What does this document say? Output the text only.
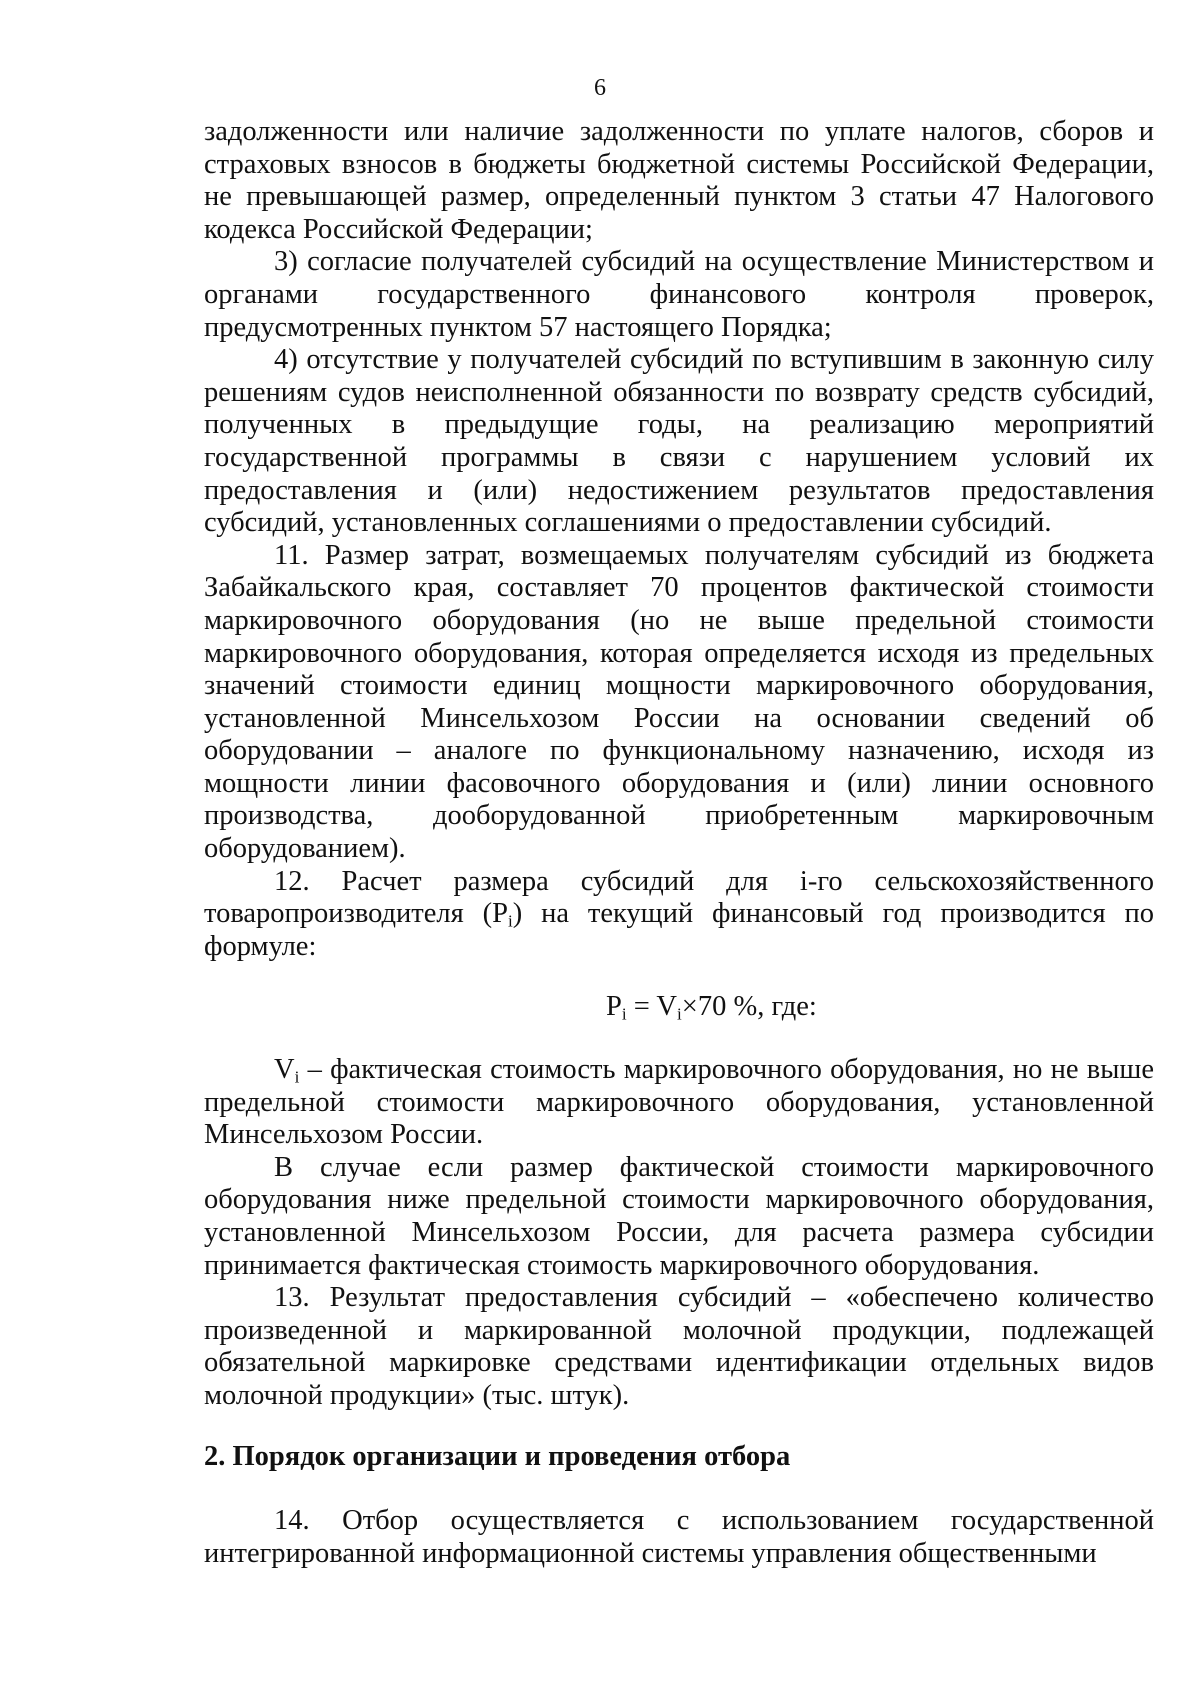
6

задолженности или наличие задолженности по уплате налогов, сборов и страховых взносов в бюджеты бюджетной системы Российской Федерации, не превышающей размер, определенный пунктом 3 статьи 47 Налогового кодекса Российской Федерации;

3) согласие получателей субсидий на осуществление Министерством и органами государственного финансового контроля проверок, предусмотренных пунктом 57 настоящего Порядка;

4) отсутствие у получателей субсидий по вступившим в законную силу решениям судов неисполненной обязанности по возврату средств субсидий, полученных в предыдущие годы, на реализацию мероприятий государственной программы в связи с нарушением условий их предоставления и (или) недостижением результатов предоставления субсидий, установленных соглашениями о предоставлении субсидий.

11. Размер затрат, возмещаемых получателям субсидий из бюджета Забайкальского края, составляет 70 процентов фактической стоимости маркировочного оборудования (но не выше предельной стоимости маркировочного оборудования, которая определяется исходя из предельных значений стоимости единиц мощности маркировочного оборудования, установленной Минсельхозом России на основании сведений об оборудовании – аналоге по функциональному назначению, исходя из мощности линии фасовочного оборудования и (или) линии основного производства, дооборудованной приобретенным маркировочным оборудованием).

12. Расчет размера субсидий для i-го сельскохозяйственного товаропроизводителя $(P_i)$ на текущий финансовый год производится по формуле:

$P_i = V_i\times 70$ %, где:

$V_i$ – фактическая стоимость маркировочного оборудования, но не выше предельной стоимости маркировочного оборудования, установленной Минсельхозом России.

В случае если размер фактической стоимости маркировочного оборудования ниже предельной стоимости маркировочного оборудования, установленной Минсельхозом России, для расчета размера субсидии принимается фактическая стоимость маркировочного оборудования.

13. Результат предоставления субсидий – «обеспечено количество произведенной и маркированной молочной продукции, подлежащей обязательной маркировке средствами идентификации отдельных видов молочной продукции» (тыс. штук).

2. Порядок организации и проведения отбора

14. Отбор осуществляется с использованием государственной интегрированной информационной системы управления общественными
